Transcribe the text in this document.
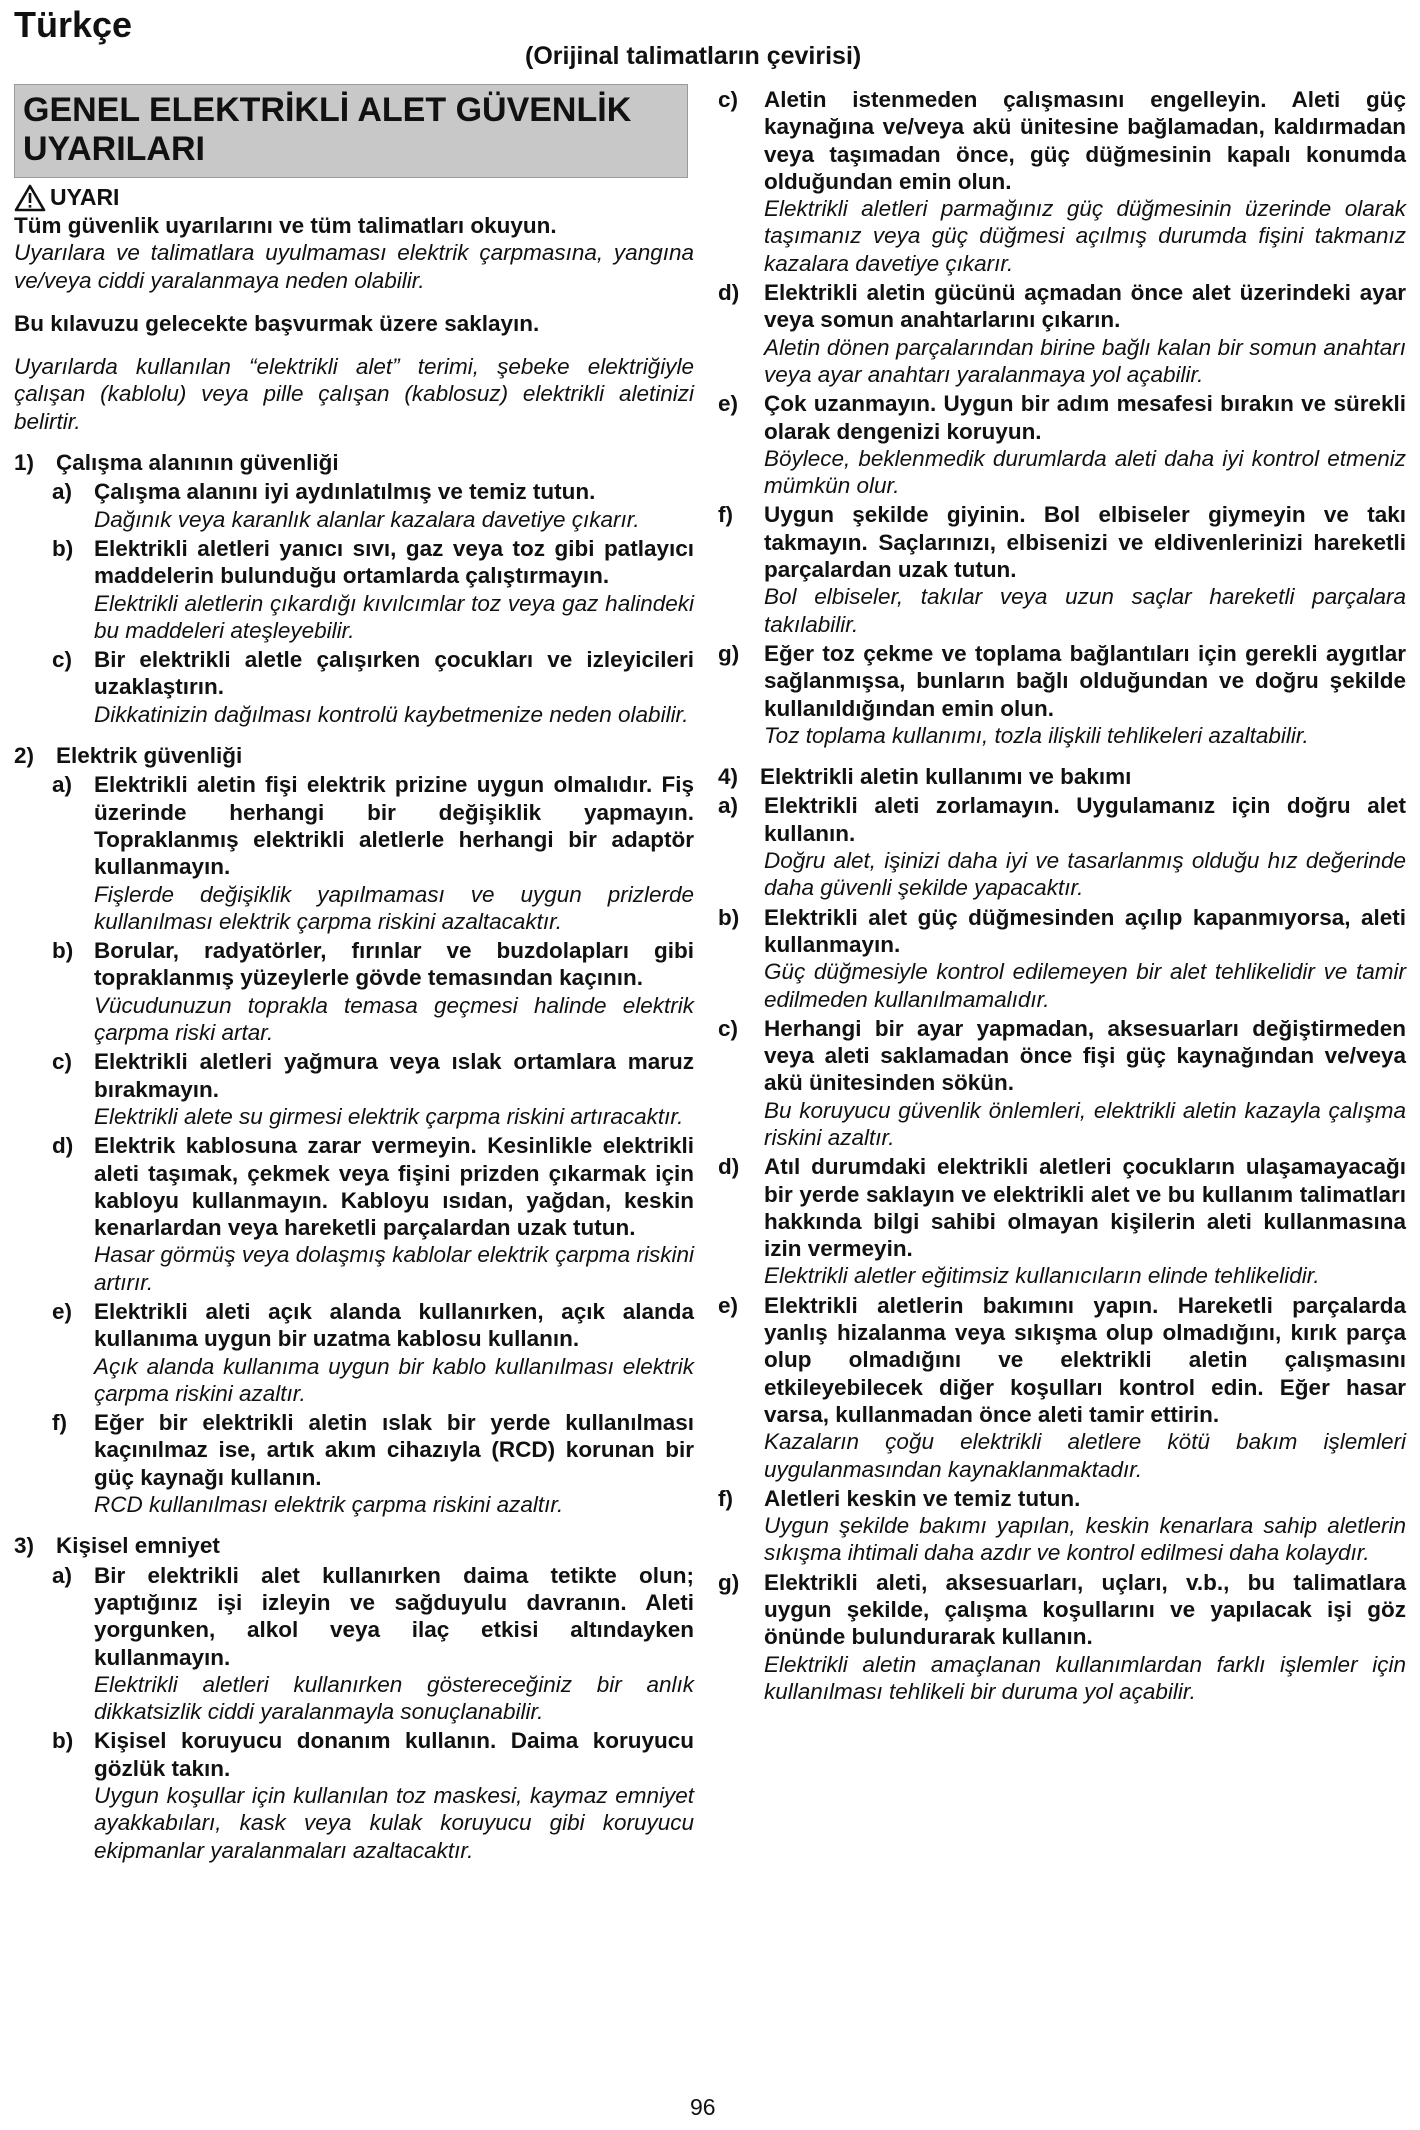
Türkçe

(Orijinal talimatların çevirisi)

GENEL ELEKTRİKLİ ALET GÜVENLİK UYARILARI
UYARI

Tüm güvenlik uyarılarını ve tüm talimatları okuyun.

Uyarılara ve talimatlara uyulmaması elektrik çarpmasına, yangına ve/veya ciddi yaralanmaya neden olabilir.

Bu kılavuzu gelecekte başvurmak üzere saklayın.

Uyarılarda kullanılan “elektrikli alet” terimi, şebeke elektriğiyle çalışan (kablolu) veya pille çalışan (kablosuz) elektrikli aletinizi belirtir.

1) Çalışma alanının güvenliği
a) Çalışma alanını iyi aydınlatılmış ve temiz tutun.

Dağınık veya karanlık alanlar kazalara davetiye çıkarır.

b) Elektrikli aletleri yanıcı sıvı, gaz veya toz gibi patlayıcı maddelerin bulunduğu ortamlarda çalıştırmayın.

Elektrikli aletlerin çıkardığı kıvılcımlar toz veya gaz halindeki bu maddeleri ateşleyebilir.

c) Bir elektrikli aletle çalışırken çocukları ve izleyicileri uzaklaştırın.

Dikkatinizin dağılması kontrolü kaybetmenize neden olabilir.

2) Elektrik güvenliği
a) Elektrikli aletin fişi elektrik prizine uygun olmalıdır. Fiş üzerinde herhangi bir değişiklik yapmayın. Topraklanmış elektrikli aletlerle herhangi bir adaptör kullanmayın.

Fişlerde değişiklik yapılmaması ve uygun prizlerde kullanılması elektrik çarpma riskini azaltacaktır.

b) Borular, radyatörler, fırınlar ve buzdolapları gibi topraklanmış yüzeylerle gövde temasından kaçının.

Vücudunuzun toprakla temasa geçmesi halinde elektrik çarpma riski artar.

c) Elektrikli aletleri yağmura veya ıslak ortamlara maruz bırakmayın.

Elektrikli alete su girmesi elektrik çarpma riskini artıracaktır.

d) Elektrik kablosuna zarar vermeyin. Kesinlikle elektrikli aleti taşımak, çekmek veya fişini prizden çıkarmak için kabloyu kullanmayın. Kabloyu ısıdan, yağdan, keskin kenarlardan veya hareketli parçalardan uzak tutun.

Hasar görmüş veya dolaşmış kablolar elektrik çarpma riskini artırır.

e) Elektrikli aleti açık alanda kullanırken, açık alanda kullanıma uygun bir uzatma kablosu kullanın.

Açık alanda kullanıma uygun bir kablo kullanılması elektrik çarpma riskini azaltır.

f)	Eğer bir elektrikli aletin ıslak bir yerde kullanılması kaçınılmaz ise, artık akım cihazıyla (RCD) korunan bir güç kaynağı kullanın.

RCD kullanılması elektrik çarpma riskini azaltır.

3) Kişisel emniyet
a) Bir elektrikli alet kullanırken daima tetikte olun; yaptığınız işi izleyin ve sağduyulu davranın. Aleti yorgunken, alkol veya ilaç etkisi altındayken kullanmayın.

Elektrikli aletleri kullanırken göstereceğiniz bir anlık dikkatsizlik ciddi yaralanmayla sonuçlanabilir.

b) Kişisel koruyucu donanım kullanın. Daima koruyucu gözlük takın.

Uygun koşullar için kullanılan toz maskesi, kaymaz emniyet ayakkabıları, kask veya kulak koruyucu gibi koruyucu ekipmanlar yaralanmaları azaltacaktır.

c)	Aletin istenmeden çalışmasını engelleyin. Aleti güç kaynağına ve/veya akü ünitesine bağlamadan, kaldırmadan veya taşımadan önce, güç düğmesinin kapalı konumda olduğundan emin olun.

Elektrikli aletleri parmağınız güç düğmesinin üzerinde olarak taşımanız veya güç düğmesi açılmış durumda fişini takmanız kazalara davetiye çıkarır.

d)	Elektrikli aletin gücünü açmadan önce alet üzerindeki ayar veya somun anahtarlarını çıkarın.

Aletin dönen parçalarından birine bağlı kalan bir somun anahtarı veya ayar anahtarı yaralanmaya yol açabilir.

e)	Çok uzanmayın. Uygun bir adım mesafesi bırakın ve sürekli olarak dengenizi koruyun.

Böylece, beklenmedik durumlarda aleti daha iyi kontrol etmeniz mümkün olur.

f)	Uygun şekilde giyinin. Bol elbiseler giymeyin ve takı takmayın. Saçlarınızı, elbisenizi ve eldivenlerinizi hareketli parçalardan uzak tutun.

Bol elbiseler, takılar veya uzun saçlar hareketli parçalara takılabilir.

g)	Eğer toz çekme ve toplama bağlantıları için gerekli aygıtlar sağlanmışsa, bunların bağlı olduğundan ve doğru şekilde kullanıldığından emin olun.

Toz toplama kullanımı, tozla ilişkili tehlikeleri azaltabilir.

4) Elektrikli aletin kullanımı ve bakımı
a)	Elektrikli aleti zorlamayın. Uygulamanız için doğru alet kullanın.

Doğru alet, işinizi daha iyi ve tasarlanmış olduğu hız değerinde daha güvenli şekilde yapacaktır.

b)	Elektrikli alet güç düğmesinden açılıp kapanmıyorsa, aleti kullanmayın.

Güç düğmesiyle kontrol edilemeyen bir alet tehlikelidir ve tamir edilmeden kullanılmamalıdır.

c)	Herhangi bir ayar yapmadan, aksesuarları değiştirmeden veya aleti saklamadan önce fişi güç kaynağından ve/veya akü ünitesinden sökün.

Bu koruyucu güvenlik önlemleri, elektrikli aletin kazayla çalışma riskini azaltır.

d)	Atıl durumdaki elektrikli aletleri çocukların ulaşamayacağı bir yerde saklayın ve elektrikli alet ve bu kullanım talimatları hakkında bilgi sahibi olmayan kişilerin aleti kullanmasına izin vermeyin.

Elektrikli aletler eğitimsiz kullanıcıların elinde tehlikelidir.

e)	Elektrikli aletlerin bakımını yapın. Hareketli parçalarda yanlış hizalanma veya sıkışma olup olmadığını, kırık parça olup olmadığını ve elektrikli aletin çalışmasını etkileyebilecek diğer koşulları kontrol edin. Eğer hasar varsa, kullanmadan önce aleti tamir ettirin.

Kazaların çoğu elektrikli aletlere kötü bakım işlemleri uygulanmasından kaynaklanmaktadır.

f)	Aletleri keskin ve temiz tutun.

Uygun şekilde bakımı yapılan, keskin kenarlara sahip aletlerin sıkışma ihtimali daha azdır ve kontrol edilmesi daha kolaydır.

g)	Elektrikli aleti, aksesuarları, uçları, v.b., bu talimatlara uygun şekilde, çalışma koşullarını ve yapılacak işi göz önünde bulundurarak kullanın.

Elektrikli aletin amaçlanan kullanımlardan farklı işlemler için kullanılması tehlikeli bir duruma yol açabilir.

96
